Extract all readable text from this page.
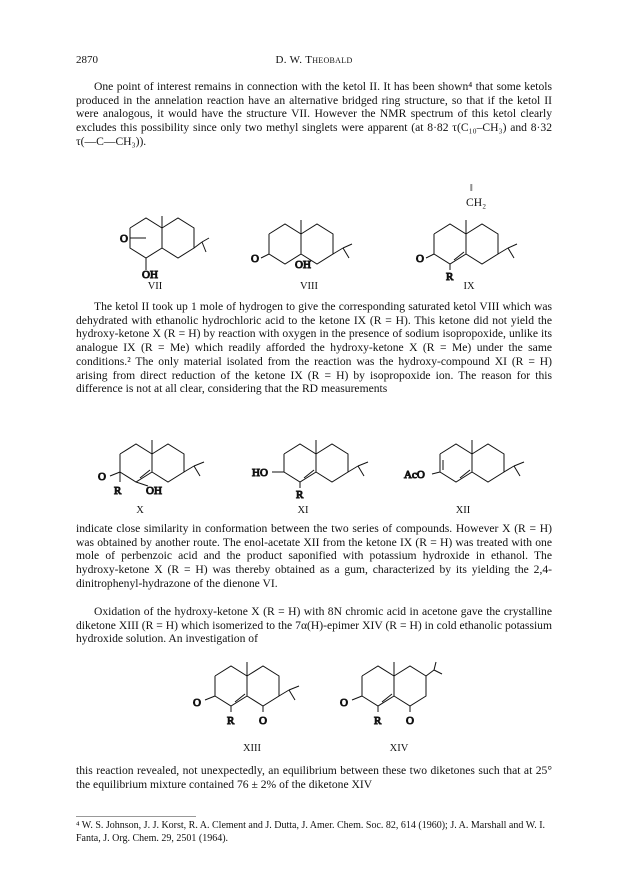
2870	D. W. Theobald

One point of interest remains in connection with the ketol II. It has been shown⁴ that some ketols produced in the annelation reaction have an alternative bridged ring structure, so that if the ketol II were analogous, it would have the structure VII. However the NMR spectrum of this ketol clearly excludes this possibility since only two methyl singlets were apparent (at 8·82 τ(C₁₀–CH₃) and 8·32 τ(—C—CH₃)).

‖
CH₂
O
OH
VII
O	OH
VIII
O
R
IX

The ketol II took up 1 mole of hydrogen to give the corresponding saturated ketol VIII which was dehydrated with ethanolic hydrochloric acid to the ketone IX (R = H). This ketone did not yield the hydroxy-ketone X (R = H) by reaction with oxygen in the presence of sodium isopropoxide, unlike its analogue IX (R = Me) which readily afforded the hydroxy-ketone X (R = Me) under the same conditions.² The only material isolated from the reaction was the hydroxy-compound XI (R = H) arising from direct reduction of the ketone IX (R = H) by isopropoxide ion. The reason for this difference is not at all clear, considering that the RD measurements

O
R OH
X
HO
R
XI
AcO
XII

indicate close similarity in conformation between the two series of compounds. However X (R = H) was obtained by another route. The enol-acetate XII from the ketone IX (R = H) was treated with one mole of perbenzoic acid and the product saponified with potassium hydroxide in ethanol. The hydroxy-ketone X (R = H) was thereby obtained as a gum, characterized by its yielding the 2,4-dinitrophenyl-hydrazone of the dienone VI.

Oxidation of the hydroxy-ketone X (R = H) with 8N chromic acid in acetone gave the crystalline diketone XIII (R = H) which isomerized to the 7α(H)-epimer XIV (R = H) in cold ethanolic potassium hydroxide solution. An investigation of

O
R O
XIII
O
R O
XIV

this reaction revealed, not unexpectedly, an equilibrium between these two diketones such that at 25° the equilibrium mixture contained 76 ± 2% of the diketone XIV

⁴ W. S. Johnson, J. J. Korst, R. A. Clement and J. Dutta, J. Amer. Chem. Soc. 82, 614 (1960); J. A. Marshall and W. I. Fanta, J. Org. Chem. 29, 2501 (1964).
